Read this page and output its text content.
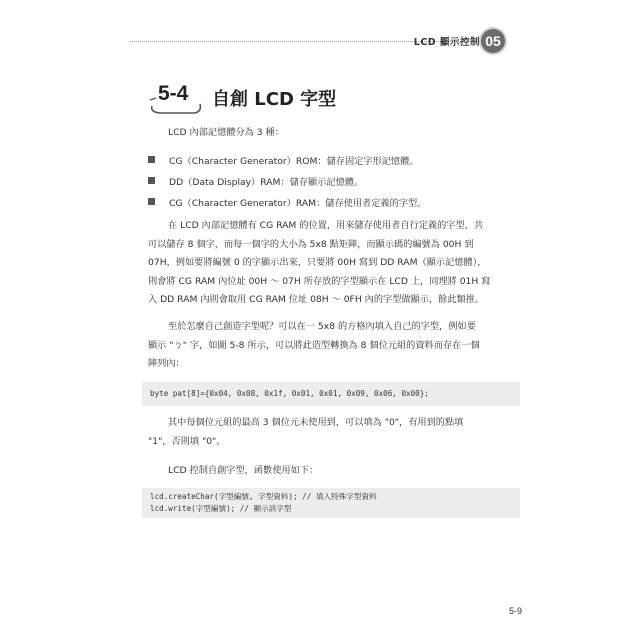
LCD 顯示控制 05
5-4 自創 LCD 字型
LCD 內部記憶體分為 3 種：
CG（Character Generator）ROM：儲存固定字形記憶體。
DD（Data Display）RAM：儲存顯示記憶體。
CG（Character Generator）RAM：儲存使用者定義的字型。
在 LCD 內部記憶體有 CG RAM 的位置，用來儲存使用者自行定義的字型，共
可以儲存 8 個字，而每一個字的大小為 5x8 點矩陣，而顯示碼的編號為 00H 到
07H，例如要將編號 0 的字顯示出來，只要將 00H 寫到 DD RAM（顯示記憶體），
則會將 CG RAM 內位址 00H ～ 07H 所存放的字型顯示在 LCD 上，同理將 01H 寫
入 DD RAM 內則會取用 CG RAM 位址 08H ～ 0FH 內的字型做顯示，餘此類推。
至於怎麼自己創造字型呢？可以在一 5x8 的方格內填入自己的字型，例如要
顯示 "ㄅ" 字，如圖 5-8 所示，可以將此造型轉換為 8 個位元組的資料而存在一個
陣列內：
byte pat[8]={0x04, 0x08, 0x1f, 0x01, 0x01, 0x09, 0x06, 0x00};
其中每個位元組的最高 3 個位元未使用到，可以填為 "0"，有用到的點填
"1"，否則填 "0"。
LCD 控制自創字型，函數使用如下：
lcd.createChar(字型編號, 字型資料); // 填入特殊字型資料
lcd.write(字型編號); // 顯示該字型
5-9
